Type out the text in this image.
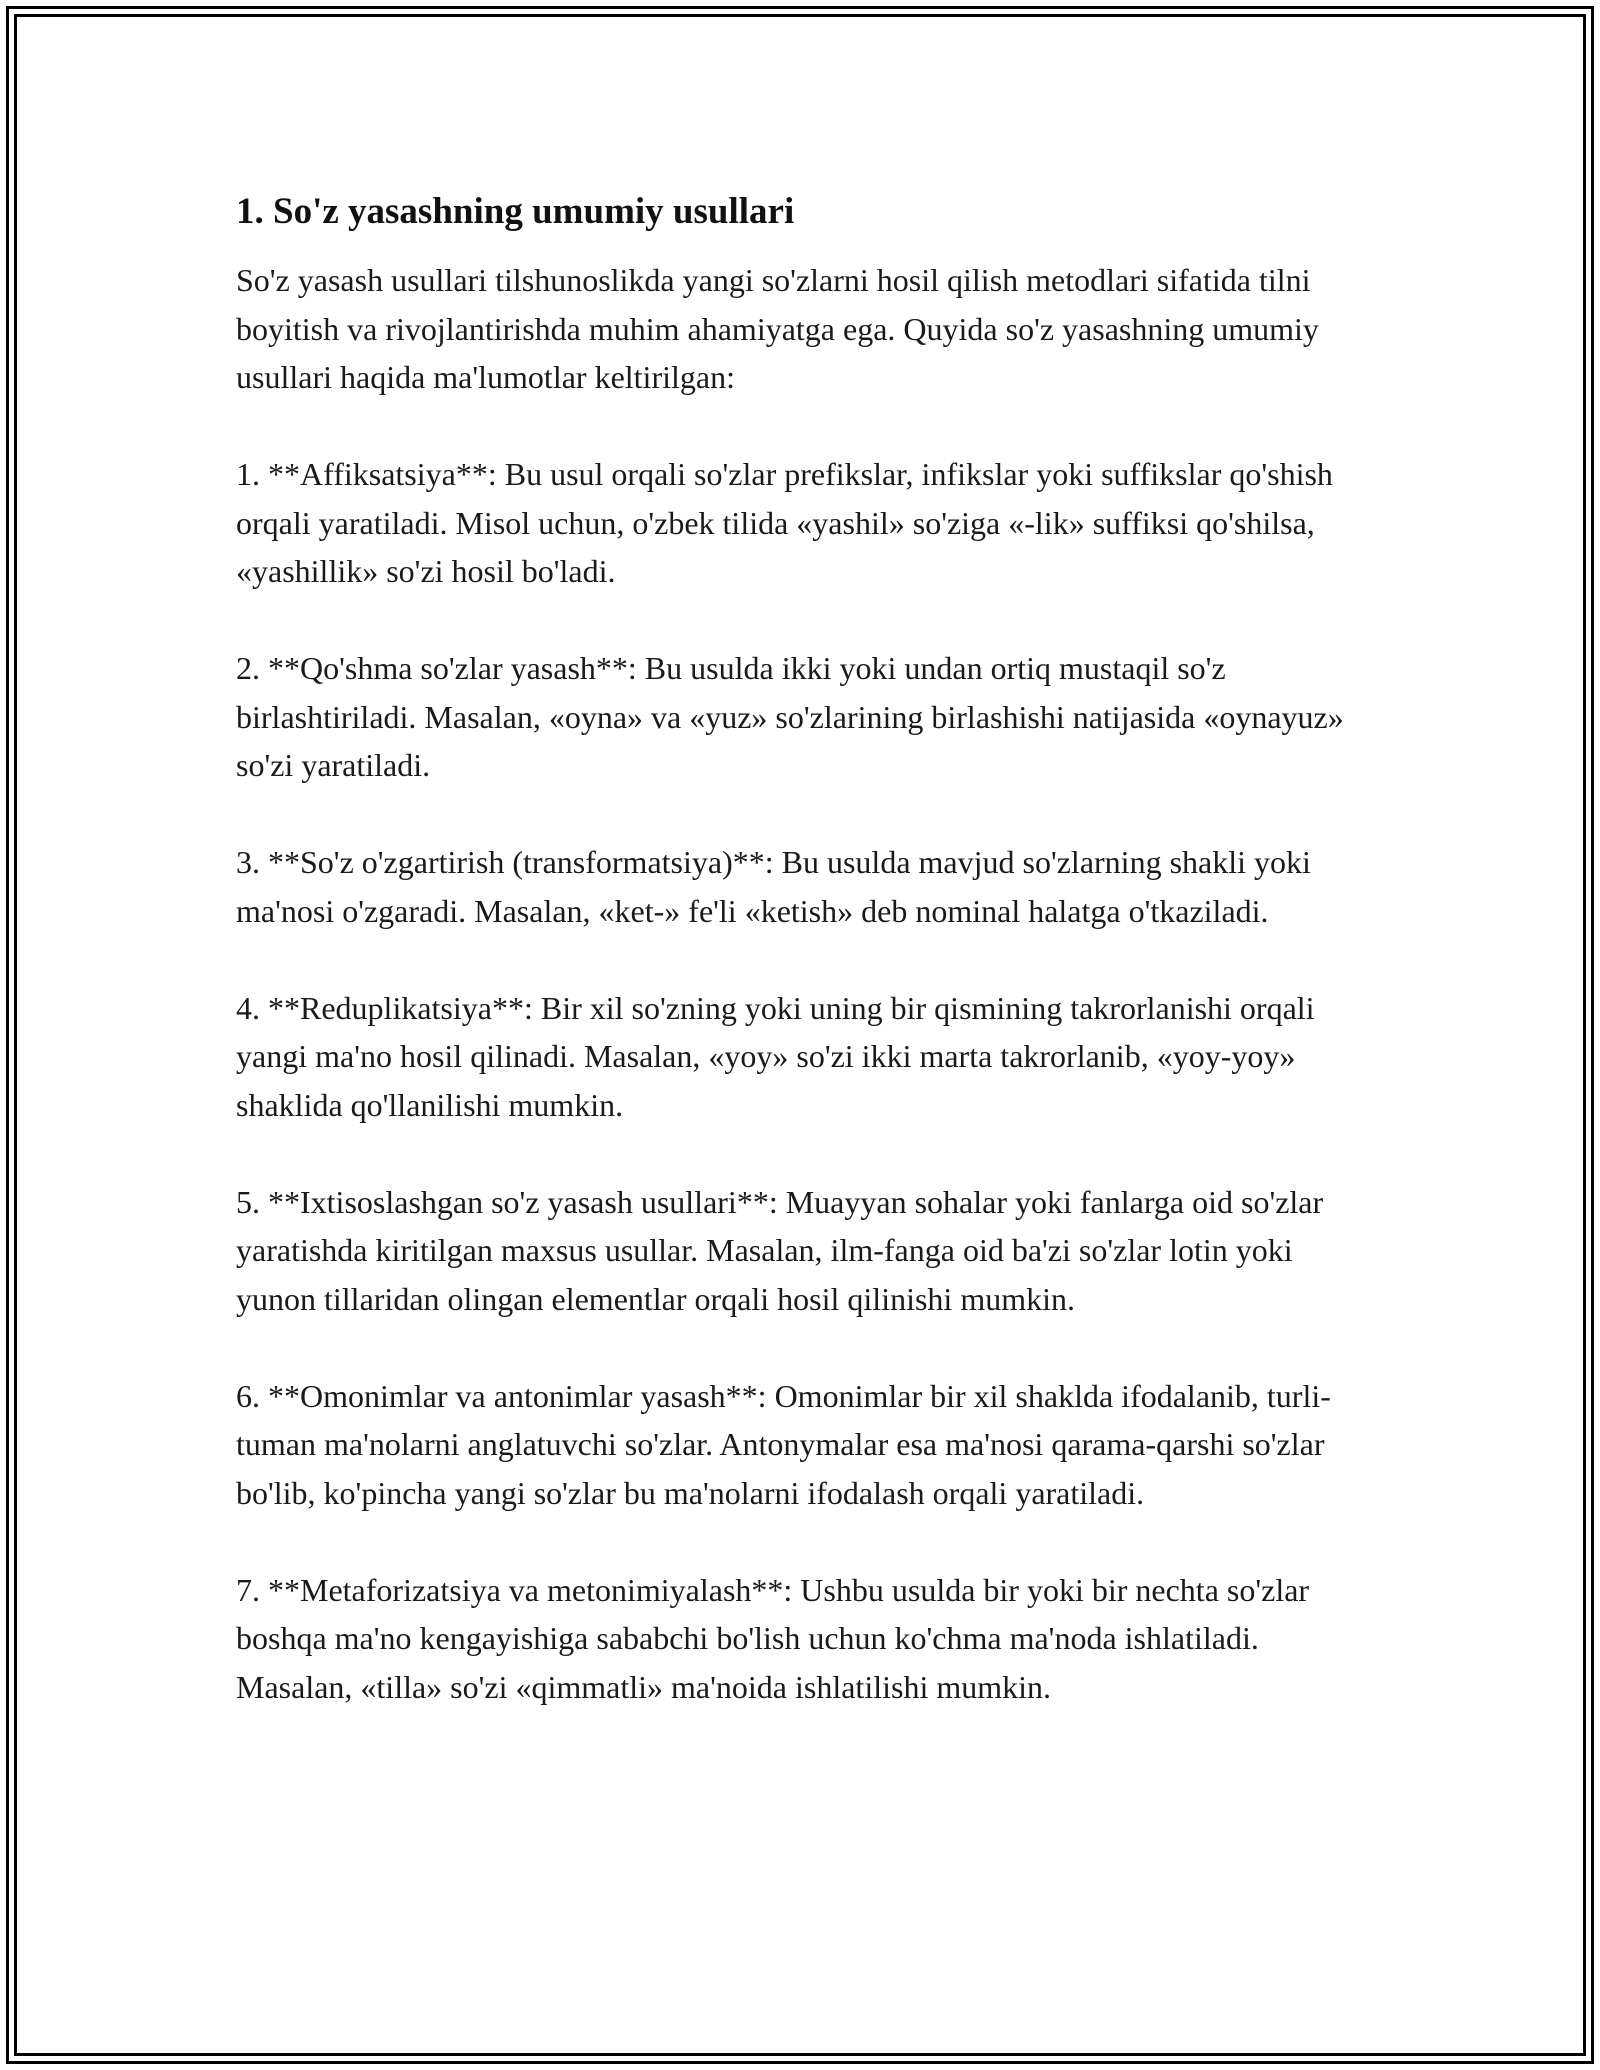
1. So'z yasashning umumiy usullari

So'z yasash usullari tilshunoslikda yangi so'zlarni hosil qilish metodlari sifatida tilni boyitish va rivojlantirishda muhim ahamiyatga ega. Quyida so'z yasashning umumiy usullari haqida ma'lumotlar keltirilgan:

1. **Affiksatsiya**: Bu usul orqali so'zlar prefikslar, infikslar yoki suffikslar qo'shish orqali yaratiladi. Misol uchun, o'zbek tilida «yashil» so'ziga «-lik» suffiksi qo'shilsa, «yashillik» so'zi hosil bo'ladi.

2. **Qo'shma so'zlar yasash**: Bu usulda ikki yoki undan ortiq mustaqil so'z birlashtiriladi. Masalan, «oyna» va «yuz» so'zlarining birlashishi natijasida «oynayuz» so'zi yaratiladi.

3. **So'z o'zgartirish (transformatsiya)**: Bu usulda mavjud so'zlarning shakli yoki ma'nosi o'zgaradi. Masalan, «ket-» fe'li «ketish» deb nominal halatga o'tkaziladi.

4. **Reduplikatsiya**: Bir xil so'zning yoki uning bir qismining takrorlanishi orqali yangi ma'no hosil qilinadi. Masalan, «yoy» so'zi ikki marta takrorlanib, «yoy-yoy» shaklida qo'llanilishi mumkin.

5. **Ixtisoslashgan so'z yasash usullari**: Muayyan sohalar yoki fanlarga oid so'zlar yaratishda kiritilgan maxsus usullar. Masalan, ilm-fanga oid ba'zi so'zlar lotin yoki yunon tillaridan olingan elementlar orqali hosil qilinishi mumkin.

6. **Omonimlar va antonimlar yasash**: Omonimlar bir xil shaklda ifodalanib, turli-tuman ma'nolarni anglatuvchi so'zlar. Antonymalar esa ma'nosi qarama-qarshi so'zlar bo'lib, ko'pincha yangi so'zlar bu ma'nolarni ifodalash orqali yaratiladi.

7. **Metaforizatsiya va metonimiyalash**: Ushbu usulda bir yoki bir nechta so'zlar boshqa ma'no kengayishiga sababchi bo'lish uchun ko'chma ma'noda ishlatiladi. Masalan, «tilla» so'zi «qimmatli» ma'noida ishlatilishi mumkin.
